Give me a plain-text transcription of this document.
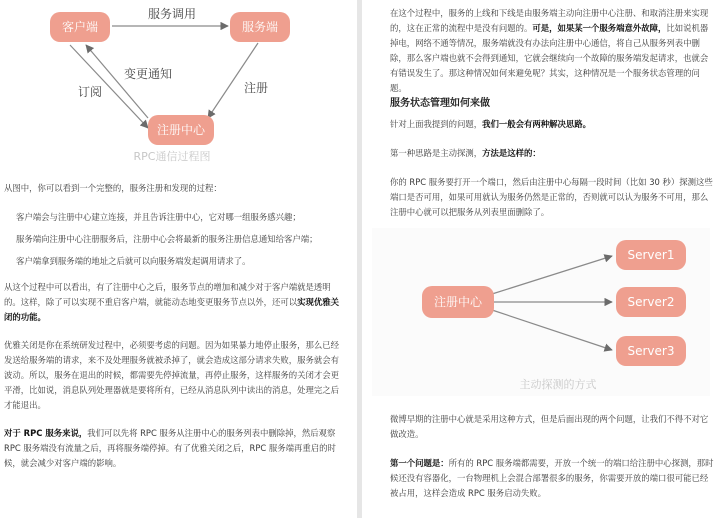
客户端	服务端
注册中心
服务调用
变更通知
订阅	注册
RPC通信过程图

从图中，你可以看到一个完整的，服务注册和发现的过程：

客户端会与注册中心建立连接，并且告诉注册中心，它对哪一组服务感兴趣；

服务端向注册中心注册服务后，注册中心会将最新的服务注册信息通知给客户端；

客户端拿到服务端的地址之后就可以向服务端发起调用请求了。

从这个过程中可以看出，有了注册中心之后，服务节点的增加和减少对于客户端就是透明的。这样，除了可以实现不重启客户端，就能动态地变更服务节点以外，还可以实现优雅关闭的功能。

优雅关闭是你在系统研发过程中，必须要考虑的问题。因为如果暴力地停止服务，那么已经发送给服务端的请求，来不及处理服务就被杀掉了，就会造成这部分请求失败，服务就会有波动。所以，服务在退出的时候，都需要先停掉流量，再停止服务，这样服务的关闭才会更平滑，比如说，消息队列处理器就是要将所有，已经从消息队列中读出的消息，处理完之后才能退出。

对于 RPC 服务来说，我们可以先将 RPC 服务从注册中心的服务列表中删除掉，然后观察 RPC 服务端没有流量之后，再将服务端停掉。有了优雅关闭之后，RPC 服务端再重启的时候，就会减少对客户端的影响。

在这个过程中，服务的上线和下线是由服务端主动向注册中心注册、和取消注册来实现的，这在正常的流程中是没有问题的。可是，如果某一个服务端意外故障，比如说机器掉电，网络不通等情况，服务端就没有办法向注册中心通信，将自己从服务列表中删除，那么客户端也就不会得到通知，它就会继续向一个故障的服务端发起请求，也就会有错误发生了。那这种情况如何来避免呢？其实，这种情况是一个服务状态管理的问题。

服务状态管理如何来做

针对上面我提到的问题，我们一般会有两种解决思路。

第一种思路是主动探测，方法是这样的：

你的 RPC 服务要打开一个端口，然后由注册中心每隔一段时间（比如 30 秒）探测这些端口是否可用，如果可用就认为服务仍然是正常的，否则就可以认为服务不可用，那么注册中心就可以把服务从列表里面删除了。

注册中心
Server1
Server2
Server3
主动探测的方式

微博早期的注册中心就是采用这种方式，但是后面出现的两个问题，让我们不得不对它做改造。

第一个问题是：所有的 RPC 服务端都需要，开放一个统一的端口给注册中心探测，那时候还没有容器化，一台物理机上会混合部署很多的服务，你需要开放的端口很可能已经被占用，这样会造成 RPC 服务启动失败。
